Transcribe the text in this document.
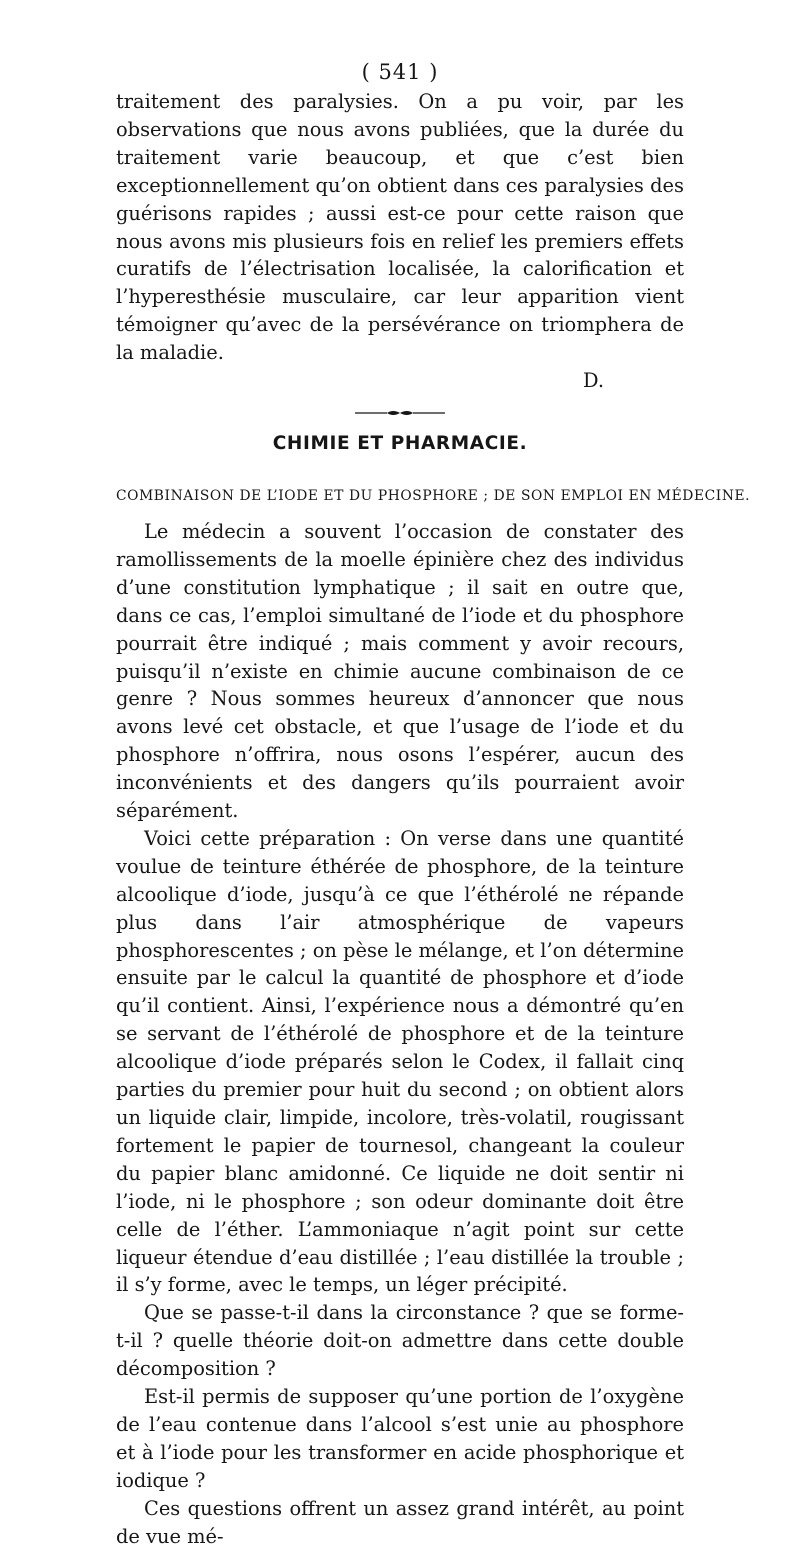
( 541 )

traitement des paralysies. On a pu voir, par les observations que nous avons publiées, que la durée du traitement varie beaucoup, et que c’est bien exceptionnellement qu’on obtient dans ces paralysies des guérisons rapides ; aussi est-ce pour cette raison que nous avons mis plusieurs fois en relief les premiers effets curatifs de l’électrisation localisée, la calorification et l’hyperesthésie musculaire, car leur apparition vient témoigner qu’avec de la persévérance on triomphera de la maladie.

D.
CHIMIE ET PHARMACIE.
COMBINAISON DE L’IODE ET DU PHOSPHORE ; DE SON EMPLOI EN MÉDECINE.

Le médecin a souvent l’occasion de constater des ramollissements de la moelle épinière chez des individus d’une constitution lymphatique ; il sait en outre que, dans ce cas, l’emploi simultané de l’iode et du phosphore pourrait être indiqué ; mais comment y avoir recours, puisqu’il n’existe en chimie aucune combinaison de ce genre ? Nous sommes heureux d’annoncer que nous avons levé cet obstacle, et que l’usage de l’iode et du phosphore n’offrira, nous osons l’espérer, aucun des inconvénients et des dangers qu’ils pourraient avoir séparément.

Voici cette préparation : On verse dans une quantité voulue de teinture éthérée de phosphore, de la teinture alcoolique d’iode, jusqu’à ce que l’éthérolé ne répande plus dans l’air atmosphérique de vapeurs phosphorescentes ; on pèse le mélange, et l’on détermine ensuite par le calcul la quantité de phosphore et d’iode qu’il contient. Ainsi, l’expérience nous a démontré qu’en se servant de l’éthérolé de phosphore et de la teinture alcoolique d’iode préparés selon le Codex, il fallait cinq parties du premier pour huit du second ; on obtient alors un liquide clair, limpide, incolore, très-volatil, rougissant fortement le papier de tournesol, changeant la couleur du papier blanc amidonné. Ce liquide ne doit sentir ni l’iode, ni le phosphore ; son odeur dominante doit être celle de l’éther. L’ammoniaque n’agit point sur cette liqueur étendue d’eau distillée ; l’eau distillée la trouble ; il s’y forme, avec le temps, un léger précipité.

Que se passe-t-il dans la circonstance ? que se forme-t-il ? quelle théorie doit-on admettre dans cette double décomposition ?

Est-il permis de supposer qu’une portion de l’oxygène de l’eau contenue dans l’alcool s’est unie au phosphore et à l’iode pour les transformer en acide phosphorique et iodique ?

Ces questions offrent un assez grand intérêt, au point de vue mé-
